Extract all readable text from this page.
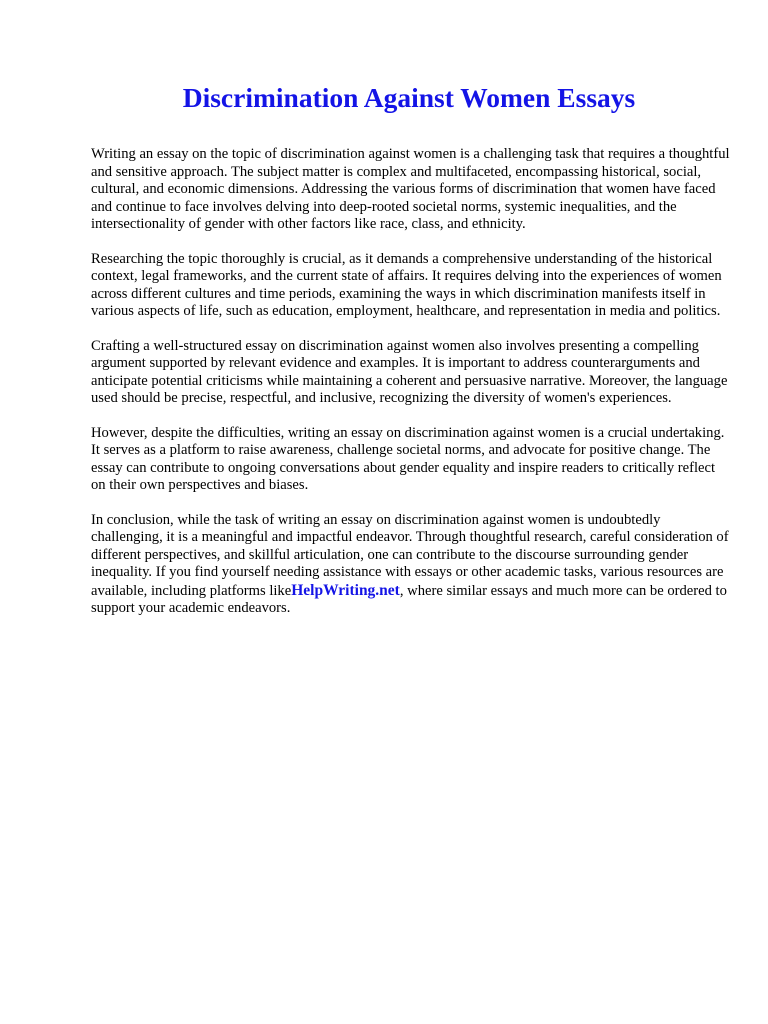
Discrimination Against Women Essays

Writing an essay on the topic of discrimination against women is a challenging task that requires a thoughtful and sensitive approach. The subject matter is complex and multifaceted, encompassing historical, social, cultural, and economic dimensions. Addressing the various forms of discrimination that women have faced and continue to face involves delving into deep-rooted societal norms, systemic inequalities, and the intersectionality of gender with other factors like race, class, and ethnicity.

Researching the topic thoroughly is crucial, as it demands a comprehensive understanding of the historical context, legal frameworks, and the current state of affairs. It requires delving into the experiences of women across different cultures and time periods, examining the ways in which discrimination manifests itself in various aspects of life, such as education, employment, healthcare, and representation in media and politics.

Crafting a well-structured essay on discrimination against women also involves presenting a compelling argument supported by relevant evidence and examples. It is important to address counterarguments and anticipate potential criticisms while maintaining a coherent and persuasive narrative. Moreover, the language used should be precise, respectful, and inclusive, recognizing the diversity of women's experiences.

However, despite the difficulties, writing an essay on discrimination against women is a crucial undertaking. It serves as a platform to raise awareness, challenge societal norms, and advocate for positive change. The essay can contribute to ongoing conversations about gender equality and inspire readers to critically reflect on their own perspectives and biases.

In conclusion, while the task of writing an essay on discrimination against women is undoubtedly challenging, it is a meaningful and impactful endeavor. Through thoughtful research, careful consideration of different perspectives, and skillful articulation, one can contribute to the discourse surrounding gender inequality. If you find yourself needing assistance with essays or other academic tasks, various resources are available, including platforms likeHelpWriting.net, where similar essays and much more can be ordered to support your academic endeavors.
